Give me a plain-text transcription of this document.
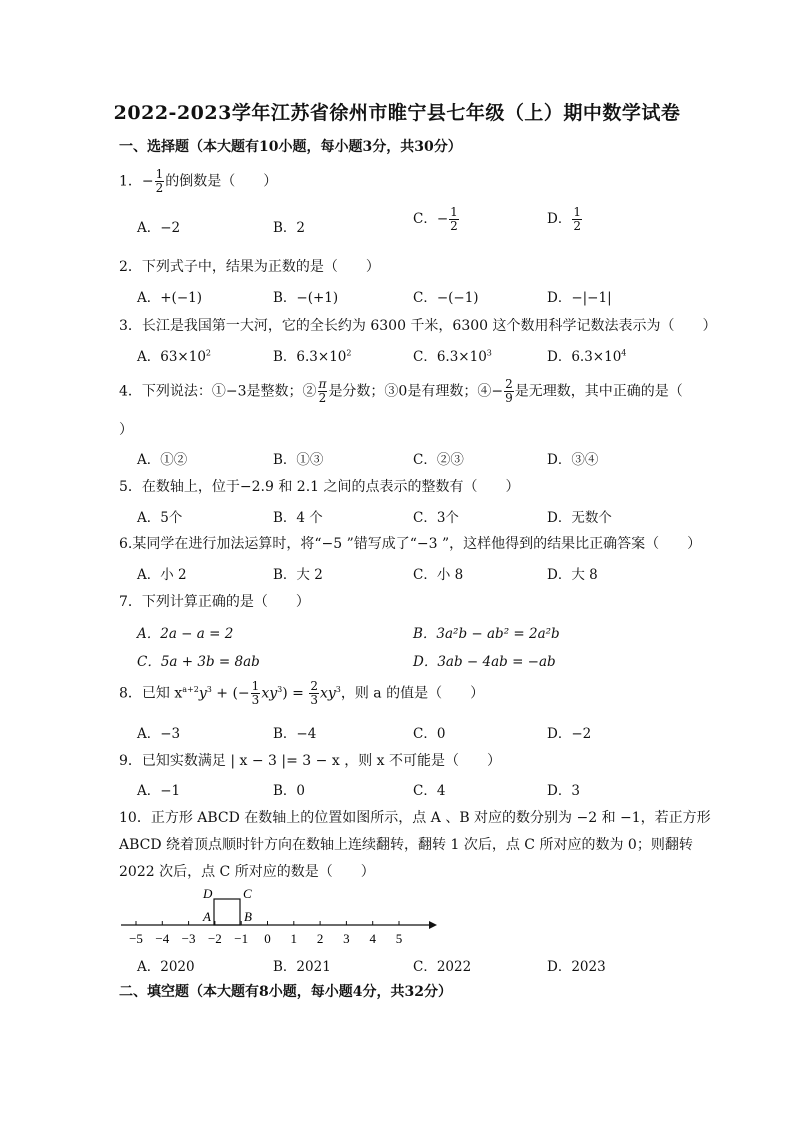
2022-2023学年江苏省徐州市睢宁县七年级（上）期中数学试卷
一、选择题（本大题有10小题，每小题3分，共30分）
1．− $\frac{1}{2}$ 的倒数是（　　）
A．−2	B．2
C．− $\frac{1}{2}$	D． $\frac{1}{2}$
2．下列式子中，结果为正数的是（　　）
A．+(−1)	B．−(+1)	C．−(−1)	D．−|−1|
3．长江是我国第一大河，它的全长约为 6300 千米，6300 这个数用科学记数法表示为（　　）
A．$63\times 10^2$	B．$6.3\times 10^2$	C．$6.3\times 10^3$	D．$6.3\times 10^4$
4．下列说法：①−3是整数；② $\frac{\pi}{2}$ 是分数；③0是有理数；④− $\frac{2}{9}$ 是无理数，其中正确的是（
）
A．①②	B．①③	C．②③	D．③④
5．在数轴上，位于−2.9 和 2.1 之间的点表示的整数有（　　）
A．5个	B．4 个	C．3个	D．无数个
6.某同学在进行加法运算时，将“−5 ”错写成了“−3 ”，这样他得到的结果比正确答案（　　）
A．小 2	B．大 2	C．小 8	D．大 8
7．下列计算正确的是（　　）
A．2a − a = 2	B．3a²b − ab² = 2a²b
C．5a + 3b = 8ab	D．3ab − 4ab = −ab
8．已知 $x^{a+2}y^3$ + (− $\frac{1}{3} xy^3) = \frac{2}{3} xy^3$，则 a 的值是（　　）
A．−3	B．−4	C．0	D．−2
9．已知实数满足 | x − 3 |= 3 − x ，则 x 不可能是（　　）
A．−1	B．0	C．4	D．3
10．正方形 ABCD 在数轴上的位置如图所示，点 A 、B 对应的数分别为 −2 和 −1，若正方形
ABCD 绕着顶点顺时针方向在数轴上连续翻转，翻转 1 次后，点 C 所对应的数为 0；则翻转
2022 次后，点 C 所对应的数是（　　）
D C
A	B
−5 −4 −3 −2 −1 0 1 2 3 4 5
A．2020	B．2021	C．2022	D．2023
二、填空题（本大题有8小题，每小题4分，共32分）
